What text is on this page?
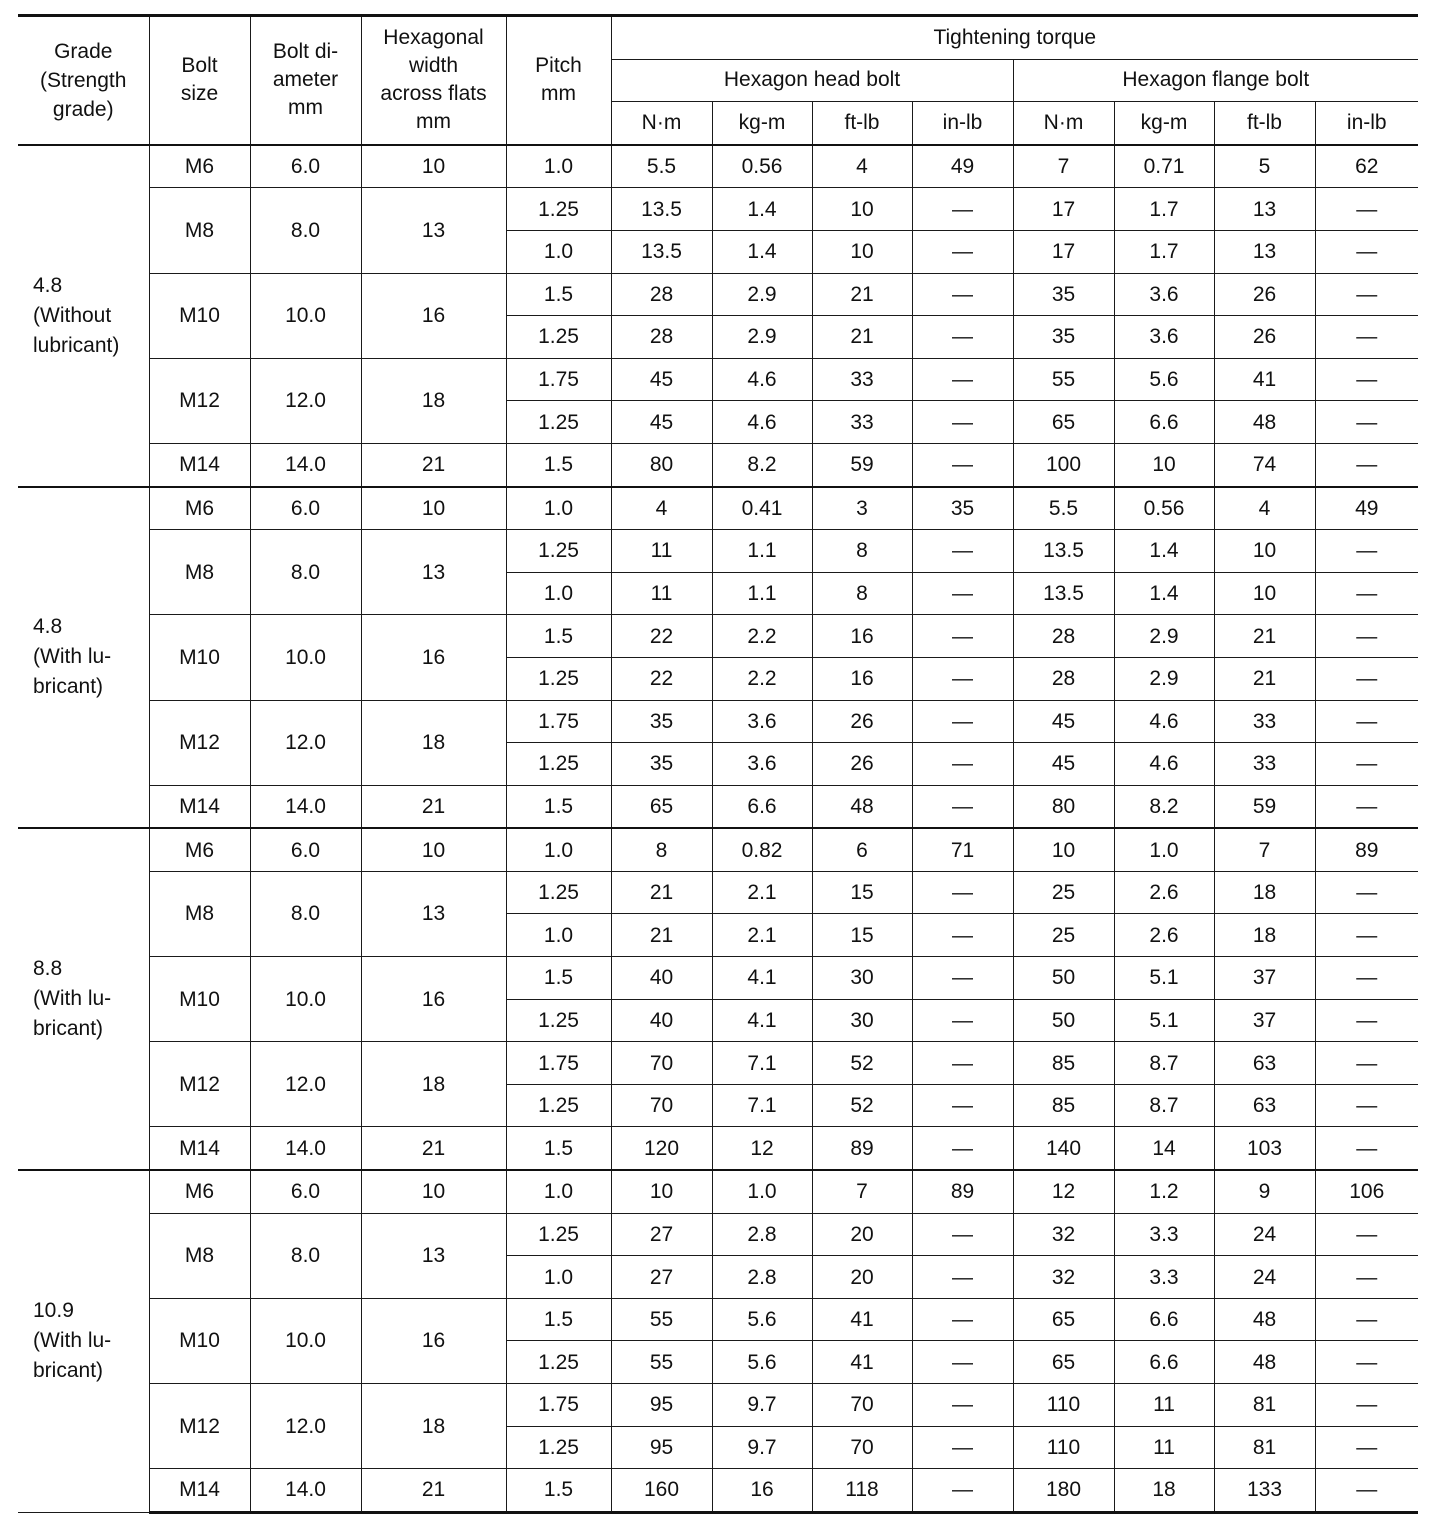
Grade
(Strength
grade)	Bolt
size	Bolt di-
ameter
mm	Hexagonal
width
across flats
mm	Pitch
mm	Tightening torque							
					Hexagon head bolt				Hexagon flange bolt			
					N·m	kg-m	ft-lb	in-lb	N·m	kg-m	ft-lb	in-lb
4.8
(Without
lubricant)	M6	6.0	10	1.0	5.5	0.56	4	49	7	0.71	5	62
	M8	8.0	13	1.25	13.5	1.4	10	—	17	1.7	13	—
				1.0	13.5	1.4	10	—	17	1.7	13	—
	M10	10.0	16	1.5	28	2.9	21	—	35	3.6	26	—
				1.25	28	2.9	21	—	35	3.6	26	—
	M12	12.0	18	1.75	45	4.6	33	—	55	5.6	41	—
				1.25	45	4.6	33	—	65	6.6	48	—
	M14	14.0	21	1.5	80	8.2	59	—	100	10	74	—
4.8
(With lu-
bricant)	M6	6.0	10	1.0	4	0.41	3	35	5.5	0.56	4	49
	M8	8.0	13	1.25	11	1.1	8	—	13.5	1.4	10	—
				1.0	11	1.1	8	—	13.5	1.4	10	—
	M10	10.0	16	1.5	22	2.2	16	—	28	2.9	21	—
				1.25	22	2.2	16	—	28	2.9	21	—
	M12	12.0	18	1.75	35	3.6	26	—	45	4.6	33	—
				1.25	35	3.6	26	—	45	4.6	33	—
	M14	14.0	21	1.5	65	6.6	48	—	80	8.2	59	—
8.8
(With lu-
bricant)	M6	6.0	10	1.0	8	0.82	6	71	10	1.0	7	89
	M8	8.0	13	1.25	21	2.1	15	—	25	2.6	18	—
				1.0	21	2.1	15	—	25	2.6	18	—
	M10	10.0	16	1.5	40	4.1	30	—	50	5.1	37	—
				1.25	40	4.1	30	—	50	5.1	37	—
	M12	12.0	18	1.75	70	7.1	52	—	85	8.7	63	—
				1.25	70	7.1	52	—	85	8.7	63	—
	M14	14.0	21	1.5	120	12	89	—	140	14	103	—
10.9
(With lu-
bricant)	M6	6.0	10	1.0	10	1.0	7	89	12	1.2	9	106
	M8	8.0	13	1.25	27	2.8	20	—	32	3.3	24	—
				1.0	27	2.8	20	—	32	3.3	24	—
	M10	10.0	16	1.5	55	5.6	41	—	65	6.6	48	—
				1.25	55	5.6	41	—	65	6.6	48	—
	M12	12.0	18	1.75	95	9.7	70	—	110	11	81	—
				1.25	95	9.7	70	—	110	11	81	—
	M14	14.0	21	1.5	160	16	118	—	180	18	133	—
